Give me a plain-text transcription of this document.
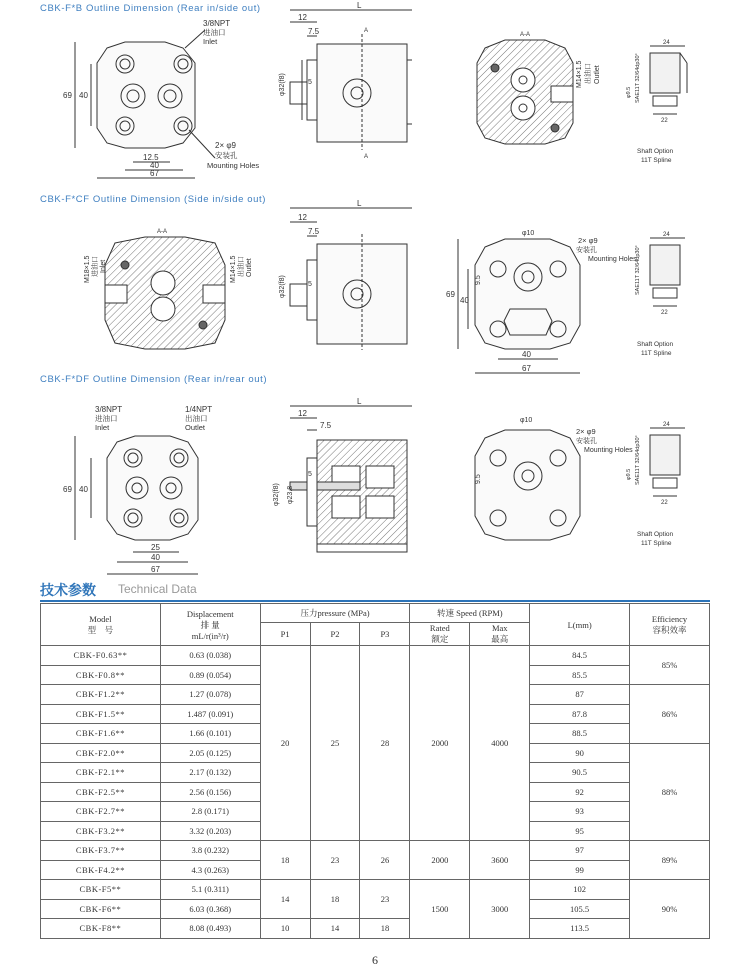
CBK-F*B Outline Dimension (Rear in/side out)
CBK-F*CF Outline Dimension (Side in/side out)
CBK-F*DF Outline Dimension (Rear in/rear out)
69 40
67
40
12.5
3/8NPT
进油口
Inlet
2× φ9
安装孔
Mounting Holes
L
12
7.5
φ32(f8)	5
A
A
A-A
M14×1.5 出油口 Outlet
24
22
φ9.5 SAE11T 32/64dp30°
Shaft Option
11T Spline
A-A
M18×1.5 进油口 Inlet	M14×1.5 出油口 Outlet
L
12
7.5
φ32(f8)	5
φ10
69
40
9.5
40
67
2× φ9
安装孔
Mounting Holes
24
22
SAE11T 32/64dp30°
Shaft Option
11T Spline
69 40
25
40
67
3/8NPT
进油口
Inlet
1/4NPT
出油口
Outlet
L
12
7.5
φ32(f8) φ23.8
5
φ10
9.5
2× φ9
安装孔
Mounting Holes
24
22
φ9.5 SAE11T 32/64dp30°
Shaft Option
11T Spline
技术参数 Technical Data
Model
型　号	Displacement
排 量
mL/r(in³/r)	压力pressure (MPa)			转速 Speed (RPM)		L(mm)	Efficiency
容积效率
		P1	P2	P3	Rated
额定	Max
最高		
CBK-F0.63**	0.63 (0.038)	20	25	28	2000	4000	84.5	85%
CBK-F0.8**	0.89 (0.054)						85.5	
CBK-F1.2**	1.27 (0.078)						87	86%
CBK-F1.5**	1.487 (0.091)						87.8	
CBK-F1.6**	1.66 (0.101)						88.5	
CBK-F2.0**	2.05 (0.125)						90	88%
CBK-F2.1**	2.17 (0.132)						90.5	
CBK-F2.5**	2.56 (0.156)						92	
CBK-F2.7**	2.8 (0.171)						93	
CBK-F3.2**	3.32 (0.203)						95	
CBK-F3.7**	3.8 (0.232)	18	23	26	2000	3600	97	89%
CBK-F4.2**	4.3 (0.263)						99	
CBK-F5**	5.1 (0.311)	14	18	23	1500	3000	102	90%
CBK-F6**	6.03 (0.368)						105.5	
CBK-F8**	8.08 (0.493)	10	14	18			113.5	
6
